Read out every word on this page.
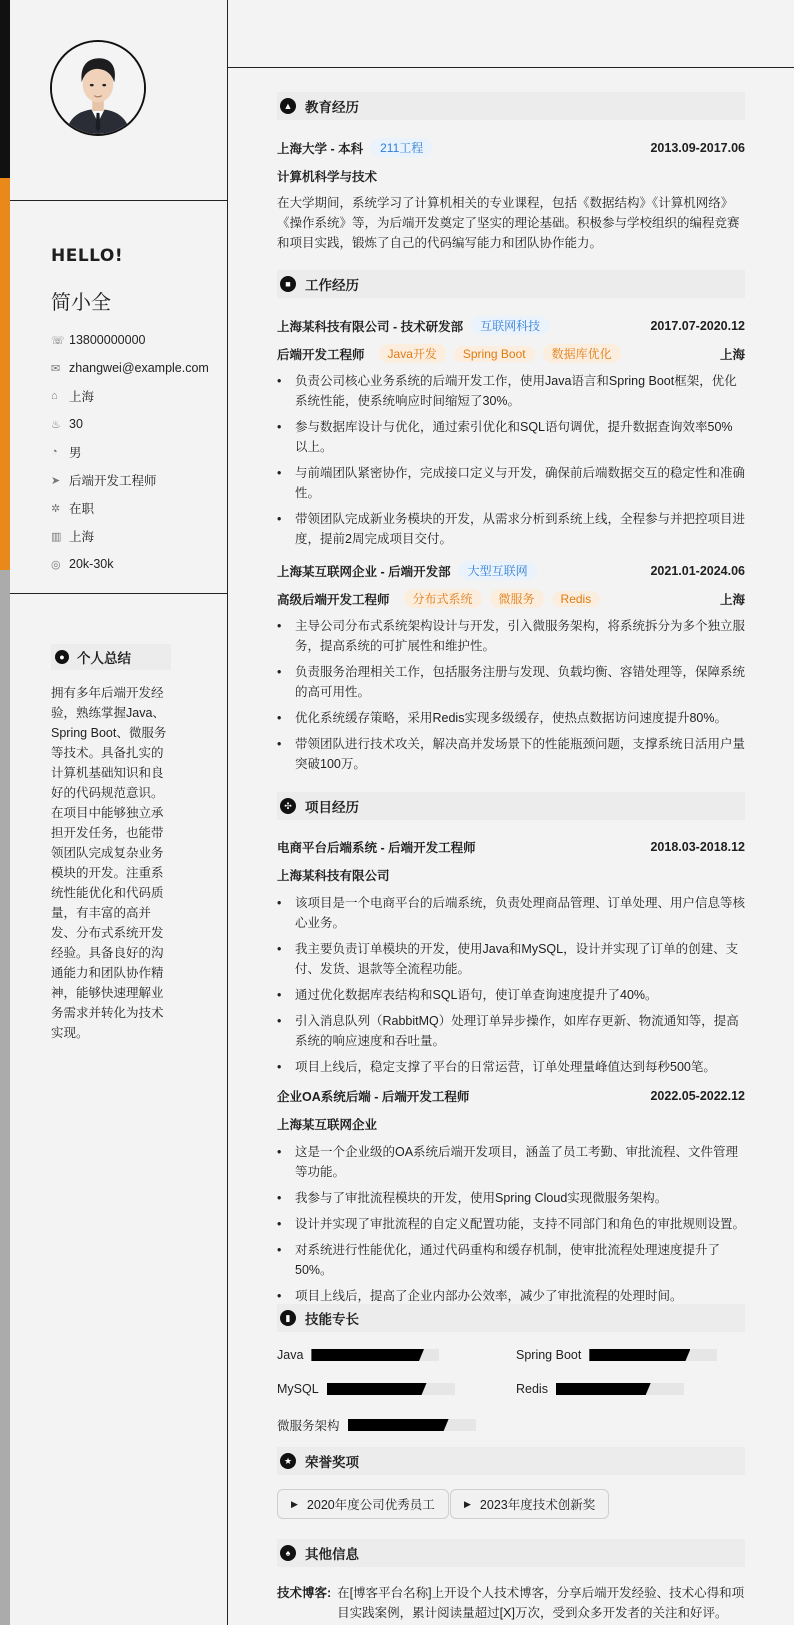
HELLO!
简小全
☏ 13800000000
✉ zhangwei@example.com
⌂ 上海
♨ 30
◔ 男
➤ 后端开发工程师
✲ 在职
▥ 上海
◎ 20k-30k
● 个人总结
拥有多年后端开发经验，熟练掌握Java、Spring Boot、微服务等技术。具备扎实的计算机基础知识和良好的代码规范意识。在项目中能够独立承担开发任务，也能带领团队完成复杂业务模块的开发。注重系统性能优化和代码质量，有丰富的高并发、分布式系统开发经验。具备良好的沟通能力和团队协作精神，能够快速理解业务需求并转化为技术实现。
▲ 教育经历
上海大学 - 本科	211工程	2013.09-2017.06
计算机科学与技术
在大学期间，系统学习了计算机相关的专业课程，包括《数据结构》《计算机网络》《操作系统》等，为后端开发奠定了坚实的理论基础。积极参与学校组织的编程竞赛和项目实践，锻炼了自己的代码编写能力和团队协作能力。
■	工作经历
上海某科技有限公司 - 技术研发部	互联网科技	2017.07-2020.12
后端开发工程师	Java开发	Spring Boot	数据库优化	上海
• 负责公司核心业务系统的后端开发工作，使用Java语言和Spring Boot框架，优化系统性能，使系统响应时间缩短了30%。
• 参与数据库设计与优化，通过索引优化和SQL语句调优，提升数据查询效率50%以上。
• 与前端团队紧密协作，完成接口定义与开发，确保前后端数据交互的稳定性和准确性。
• 带领团队完成新业务模块的开发，从需求分析到系统上线，全程参与并把控项目进度，提前2周完成项目交付。
上海某互联网企业 - 后端开发部	大型互联网	2021.01-2024.06
高级后端开发工程师	分布式系统	微服务	Redis	上海
• 主导公司分布式系统架构设计与开发，引入微服务架构，将系统拆分为多个独立服务，提高系统的可扩展性和维护性。
• 负责服务治理相关工作，包括服务注册与发现、负载均衡、容错处理等，保障系统的高可用性。
• 优化系统缓存策略，采用Redis实现多级缓存，使热点数据访问速度提升80%。
• 带领团队进行技术攻关，解决高并发场景下的性能瓶颈问题，支撑系统日活用户量突破100万。
✣ 项目经历
电商平台后端系统 - 后端开发工程师	2018.03-2018.12
上海某科技有限公司
• 该项目是一个电商平台的后端系统，负责处理商品管理、订单处理、用户信息等核心业务。
• 我主要负责订单模块的开发，使用Java和MySQL，设计并实现了订单的创建、支付、发货、退款等全流程功能。
• 通过优化数据库表结构和SQL语句，使订单查询速度提升了40%。
• 引入消息队列（RabbitMQ）处理订单异步操作，如库存更新、物流通知等，提高系统的响应速度和吞吐量。
• 项目上线后，稳定支撑了平台的日常运营，订单处理量峰值达到每秒500笔。
企业OA系统后端 - 后端开发工程师	2022.05-2022.12
上海某互联网企业
• 这是一个企业级的OA系统后端开发项目，涵盖了员工考勤、审批流程、文件管理等功能。
• 我参与了审批流程模块的开发，使用Spring Cloud实现微服务架构。
• 设计并实现了审批流程的自定义配置功能，支持不同部门和角色的审批规则设置。
• 对系统进行性能优化，通过代码重构和缓存机制，使审批流程处理速度提升了50%。
• 项目上线后，提高了企业内部办公效率，减少了审批流程的处理时间。
▮	技能专长
Java	Spring Boot
MySQL	Redis
微服务架构
★ 荣誉奖项
▶ 2020年度公司优秀员工	▶ 2023年度技术创新奖
♠	其他信息
技术博客: 在[博客平台名称]上开设个人技术博客，分享后端开发经验、技术心得和项目实践案例，累计阅读量超过[X]万次，受到众多开发者的关注和好评。
